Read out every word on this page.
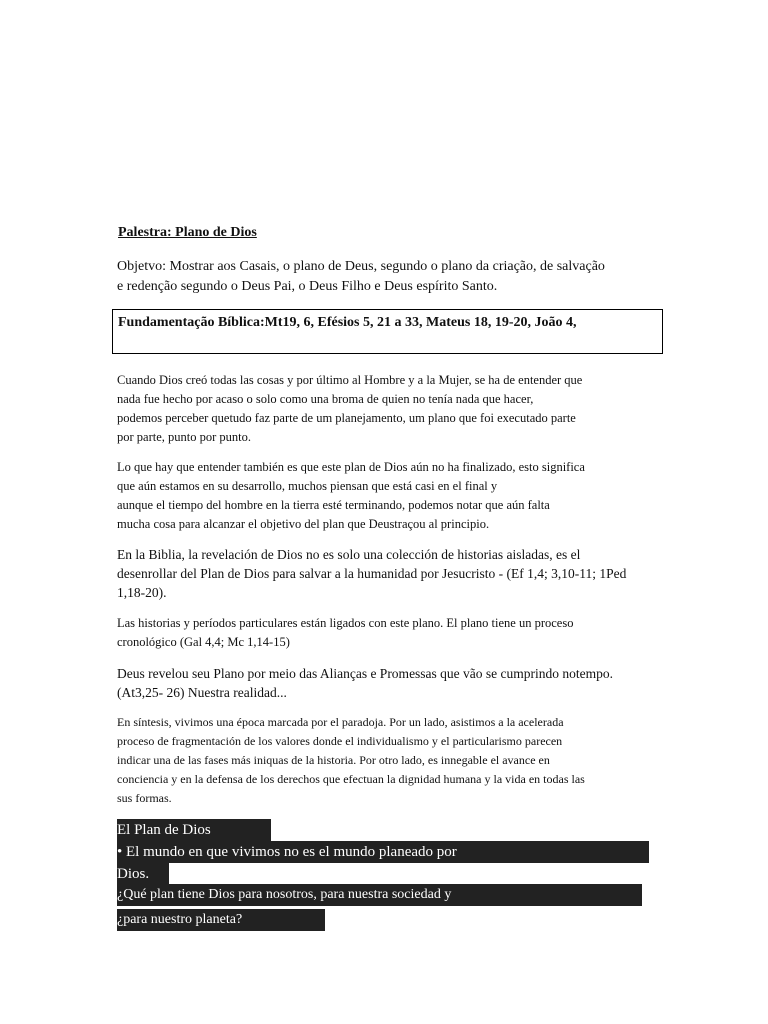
Palestra: Plano de Dios
Objetvo: Mostrar aos Casais, o plano de Deus, segundo o plano da criação, de salvação
e redenção segundo o Deus Pai, o Deus Filho e Deus espírito Santo.
Fundamentação Bíblica:Mt19, 6, Efésios 5, 21 a 33, Mateus 18, 19-20, João 4,
Cuando Dios creó todas las cosas y por último al Hombre y a la Mujer, se ha de entender que
nada fue hecho por acaso o solo como una broma de quien no tenía nada que hacer,
podemos perceber quetudo faz parte de um planejamento, um plano que foi executado parte
por parte, punto por punto.
Lo que hay que entender también es que este plan de Dios aún no ha finalizado, esto significa
que aún estamos en su desarrollo, muchos piensan que está casi en el final y
aunque el tiempo del hombre en la tierra esté terminando, podemos notar que aún falta
mucha cosa para alcanzar el objetivo del plan que Deustraçou al principio.
En la Biblia, la revelación de Dios no es solo una colección de historias aisladas, es el
desenrollar del Plan de Dios para salvar a la humanidad por Jesucristo - (Ef 1,4; 3,10-11; 1Ped
1,18-20).
Las historias y períodos particulares están ligados con este plano. El plano tiene un proceso
cronológico (Gal 4,4; Mc 1,14-15)
Deus revelou seu Plano por meio das Alianças e Promessas que vão se cumprindo notempo.
(At3,25- 26) Nuestra realidad...
En síntesis, vivimos una época marcada por el paradoja. Por un lado, asistimos a la acelerada
proceso de fragmentación de los valores donde el individualismo y el particularismo parecen
indicar una de las fases más iniquas de la historia. Por otro lado, es innegable el avance en
conciencia y en la defensa de los derechos que efectuan la dignidad humana y la vida en todas las
sus formas.
El Plan de Dios
• El mundo en que vivimos no es el mundo planeado por
Dios.
¿Qué plan tiene Dios para nosotros, para nuestra sociedad y
¿para nuestro planeta?
